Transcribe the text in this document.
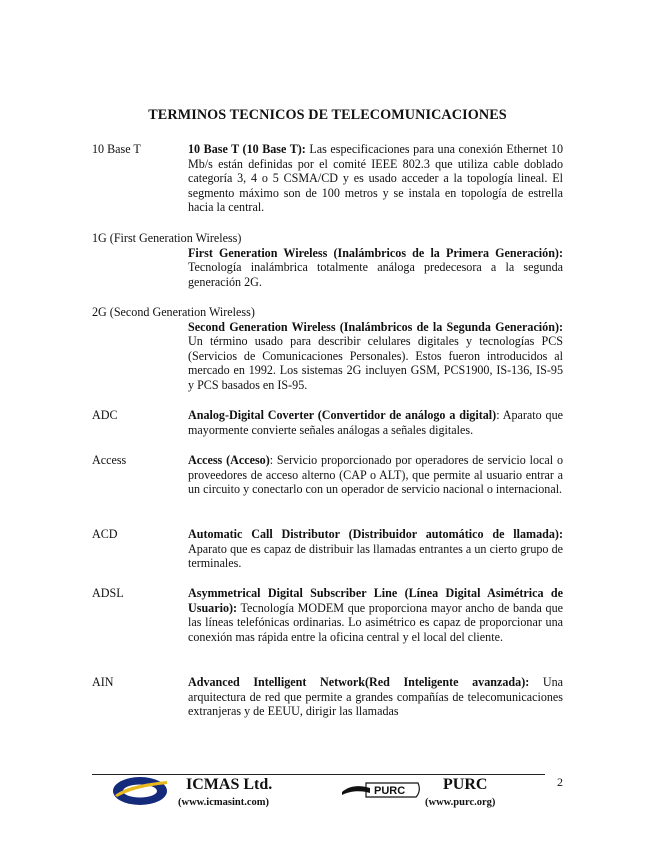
TERMINOS TECNICOS DE TELECOMUNICACIONES
10 Base T	10 Base T (10 Base T): Las especificaciones para una conexión Ethernet 10 Mb/s están definidas por el comité IEEE 802.3 que utiliza cable doblado categoría 3, 4 o 5 CSMA/CD y es usado acceder a la topología lineal. El segmento máximo son de 100 metros y se instala en topología de estrella hacia la central.
1G (First Generation Wireless)
First Generation Wireless (Inalámbricos de la Primera Generación): Tecnología inalámbrica totalmente análoga predecesora a la segunda generación 2G.
2G (Second Generation Wireless)
Second Generation Wireless (Inalámbricos de la Segunda Generación): Un término usado para describir celulares digitales y tecnologías PCS (Servicios de Comunicaciones Personales). Estos fueron introducidos al mercado en 1992. Los sistemas 2G incluyen GSM, PCS1900, IS-136, IS-95 y PCS basados en IS-95.
ADC	Analog-Digital Coverter (Convertidor de análogo a digital): Aparato que mayormente convierte señales análogas a señales digitales.
Access	Access (Acceso): Servicio proporcionado por operadores de servicio local o proveedores de acceso alterno (CAP o ALT), que permite al usuario entrar a un circuito y conectarlo con un operador de servicio nacional o internacional.
ACD	Automatic Call Distributor (Distribuidor automático de llamada): Aparato que es capaz de distribuir las llamadas entrantes a un cierto grupo de terminales.
ADSL	Asymmetrical Digital Subscriber Line (Línea Digital Asimétrica de Usuario): Tecnología MODEM que proporciona mayor ancho de banda que las líneas telefónicas ordinarias. Lo asimétrico es capaz de proporcionar una conexión mas rápida entre la oficina central y el local del cliente.
AIN	Advanced Intelligent Network(Red Inteligente avanzada): Una arquitectura de red que permite a grandes compañías de telecomunicaciones extranjeras y de EEUU, dirigir las llamadas
2
ICMAS Ltd.
(www.icmasint.com)
PURC PURC
(www.purc.org)
